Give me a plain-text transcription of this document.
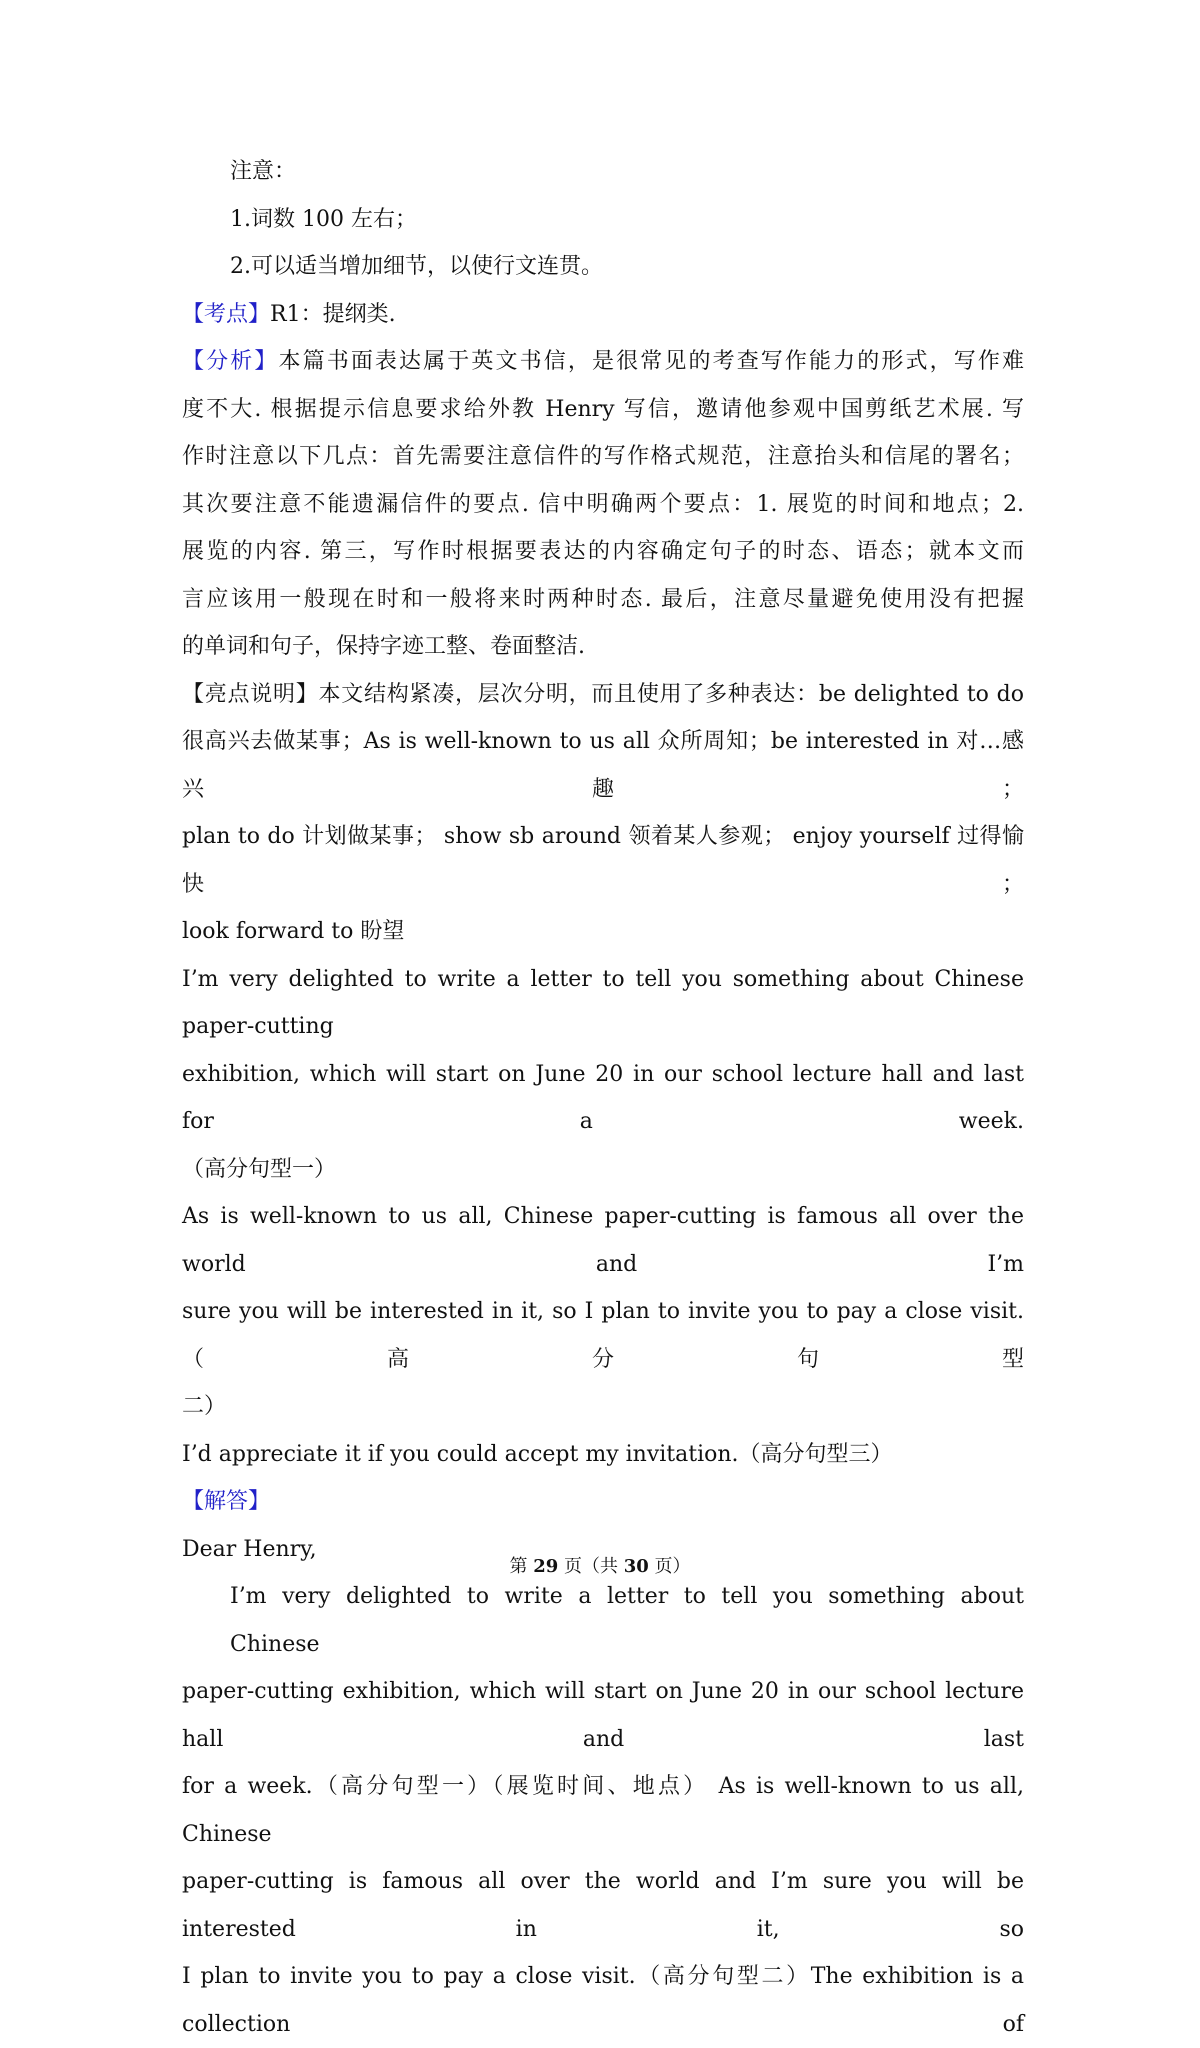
注意：

1.词数 100 左右；

2.可以适当增加细节，以使行文连贯。

【考点】R1：提纲类.

【分析】本篇书面表达属于英文书信，是很常见的考查写作能力的形式，写作难

度不大. 根据提示信息要求给外教 Henry 写信，邀请他参观中国剪纸艺术展. 写

作时注意以下几点：首先需要注意信件的写作格式规范，注意抬头和信尾的署名；

其次要注意不能遗漏信件的要点. 信中明确两个要点：1. 展览的时间和地点；2.

展览的内容. 第三，写作时根据要表达的内容确定句子的时态、语态；就本文而

言应该用一般现在时和一般将来时两种时态. 最后，注意尽量避免使用没有把握

的单词和句子，保持字迹工整、卷面整洁.

【亮点说明】本文结构紧凑，层次分明，而且使用了多种表达：be delighted to do

很高兴去做某事；As is well-known to us all 众所周知；be interested in 对…感兴趣；

plan to do 计划做某事； show sb around 领着某人参观； enjoy yourself 过得愉快；

look forward to 盼望

I’m very delighted to write a letter to tell you something about Chinese paper-cutting

exhibition, which will start on June 20 in our school lecture hall and last for a week.

（高分句型一）

As is well-known to us all, Chinese paper-cutting is famous all over the world and I’m

sure you will be interested in it, so I plan to invite you to pay a close visit.（高分句型

二）

I’d appreciate it if you could accept my invitation.（高分句型三）

【解答】

Dear Henry,

I’m very delighted to write a letter to tell you something about Chinese

paper-cutting exhibition, which will start on June 20 in our school lecture hall and last

for a week.（高分句型一）（展览时间、地点） As is well-known to us all, Chinese

paper-cutting is famous all over the world and I’m sure you will be interested in it, so

I plan to invite you to pay a close visit.（高分句型二）The exhibition is a collection of

第 29 页（共 30 页）
